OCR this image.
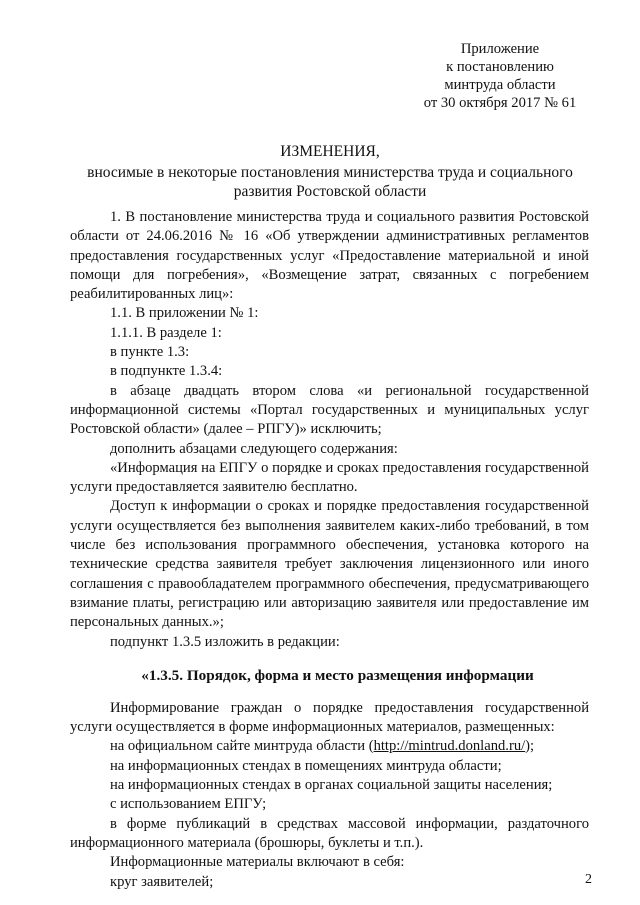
Приложение
к постановлению
минтруда области
от 30 октября 2017 № 61
ИЗМЕНЕНИЯ,
вносимые в некоторые постановления министерства труда и социального
развития Ростовской области

1. В постановление министерства труда и социального развития Ростовской области от 24.06.2016 № 16 «Об утверждении административных регламентов предоставления государственных услуг «Предоставление материальной и иной помощи для погребения», «Возмещение затрат, связанных с погребением реабилитированных лиц»:

1.1. В приложении № 1:

1.1.1. В разделе 1:

в пункте 1.3:

в подпункте 1.3.4:

в абзаце двадцать втором слова «и региональной государственной информационной системы «Портал государственных и муниципальных услуг Ростовской области» (далее – РПГУ)» исключить;

дополнить абзацами следующего содержания:

«Информация на ЕПГУ о порядке и сроках предоставления государственной услуги предоставляется заявителю бесплатно.

Доступ к информации о сроках и порядке предоставления государственной услуги осуществляется без выполнения заявителем каких-либо требований, в том числе без использования программного обеспечения, установка которого на технические средства заявителя требует заключения лицензионного или иного соглашения с правообладателем программного обеспечения, предусматривающего взимание платы, регистрацию или авторизацию заявителя или предоставление им персональных данных.»;

подпункт 1.3.5 изложить в редакции:

«1.3.5. Порядок, форма и место размещения информации

Информирование граждан о порядке предоставления государственной услуги осуществляется в форме информационных материалов, размещенных:

на официальном сайте минтруда области (http://mintrud.donland.ru/);

на информационных стендах в помещениях минтруда области;

на информационных стендах в органах социальной защиты населения;

с использованием ЕПГУ;

в форме публикаций в средствах массовой информации, раздаточного информационного материала (брошюры, буклеты и т.п.).

Информационные материалы включают в себя:

круг заявителей;	2
